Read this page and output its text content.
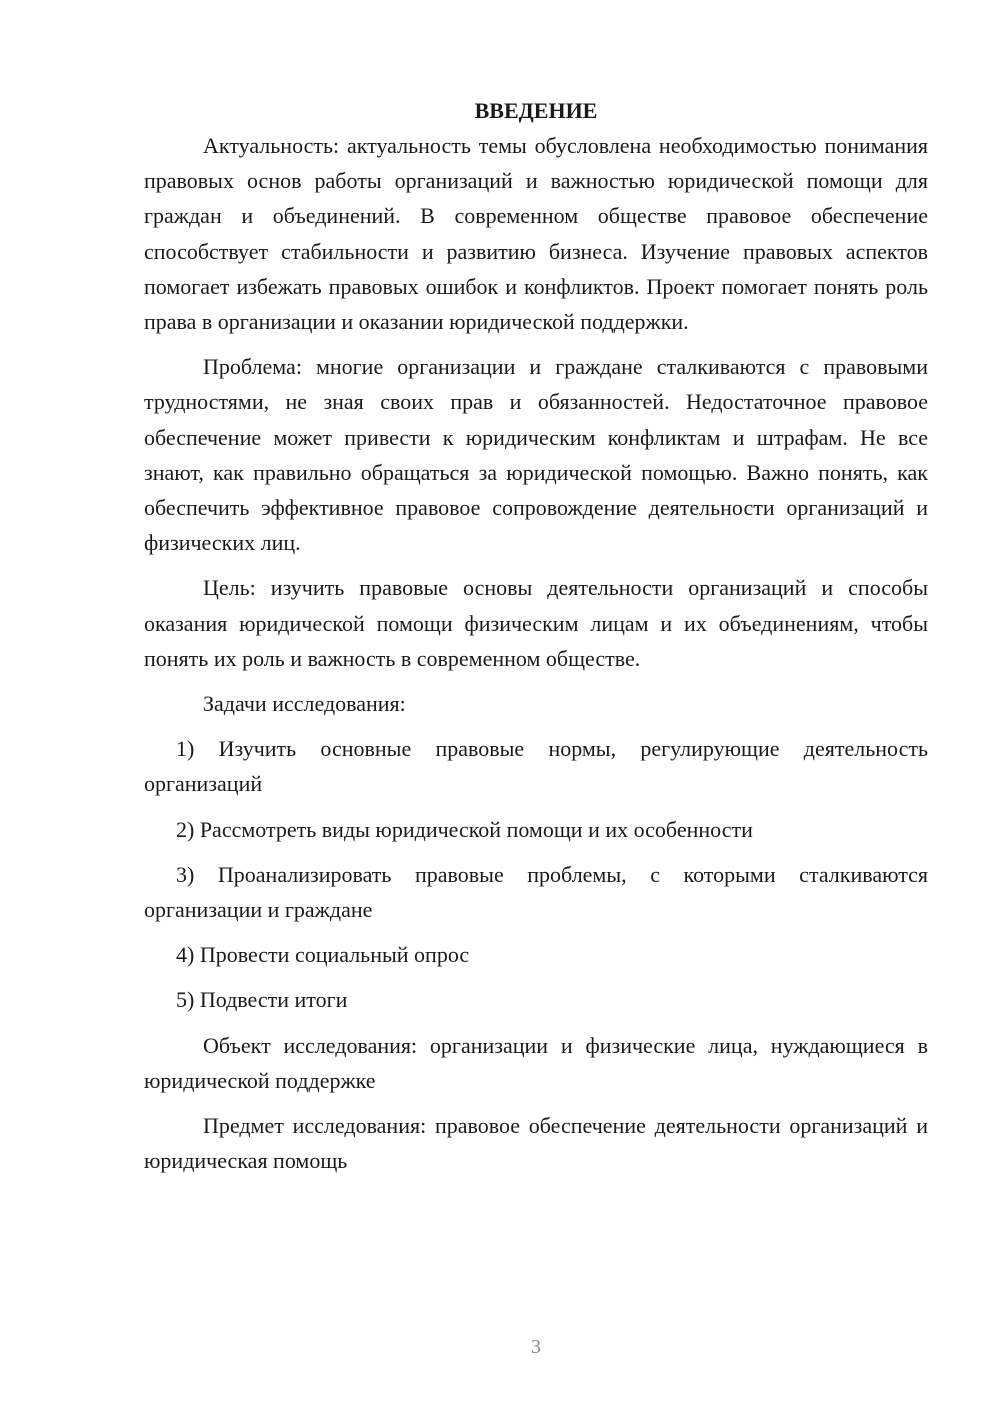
ВВЕДЕНИЕ

Актуальность: актуальность темы обусловлена необходимостью понимания правовых основ работы организаций и важностью юридической помощи для граждан и объединений. В современном обществе правовое обеспечение способствует стабильности и развитию бизнеса. Изучение правовых аспектов помогает избежать правовых ошибок и конфликтов. Проект помогает понять роль права в организации и оказании юридической поддержки.

Проблема: многие организации и граждане сталкиваются с правовыми трудностями, не зная своих прав и обязанностей. Недостаточное правовое обеспечение может привести к юридическим конфликтам и штрафам. Не все знают, как правильно обращаться за юридической помощью. Важно понять, как обеспечить эффективное правовое сопровождение деятельности организаций и физических лиц.

Цель: изучить правовые основы деятельности организаций и способы оказания юридической помощи физическим лицам и их объединениям, чтобы понять их роль и важность в современном обществе.

Задачи исследования:

1) Изучить основные правовые нормы, регулирующие деятельность организаций

2) Рассмотреть виды юридической помощи и их особенности

3) Проанализировать правовые проблемы, с которыми сталкиваются организации и граждане

4) Провести социальный опрос

5) Подвести итоги

Объект исследования: организации и физические лица, нуждающиеся в юридической поддержке

Предмет исследования: правовое обеспечение деятельности организаций и юридическая помощь

3
